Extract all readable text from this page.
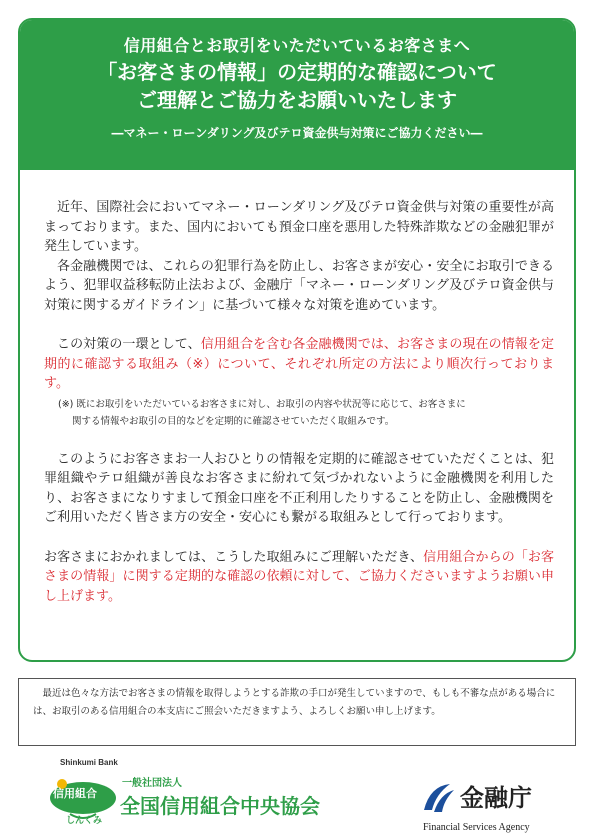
信用組合とお取引をいただいているお客さまへ
「お客さまの情報」の定期的な確認について
ご理解とご協力をお願いいたします
―マネー・ローンダリング及びテロ資金供与対策にご協力ください―

近年、国際社会においてマネー・ローンダリング及びテロ資金供与対策の重要性が高まっております。また、国内においても預金口座を悪用した特殊詐欺などの金融犯罪が発生しています。

各金融機関では、これらの犯罪行為を防止し、お客さまが安心・安全にお取引できるよう、犯罪収益移転防止法および、金融庁「マネー・ローンダリング及びテロ資金供与対策に関するガイドライン」に基づいて様々な対策を進めています。

この対策の一環として、信用組合を含む各金融機関では、お客さまの現在の情報を定期的に確認する取組み（※）について、それぞれ所定の方法により順次行っております。

(※) 既にお取引をいただいているお客さまに対し、お取引の内容や状況等に応じて、お客さまに
関する情報やお取引の目的などを定期的に確認させていただく取組みです。

このようにお客さまお一人おひとりの情報を定期的に確認させていただくことは、犯罪組織やテロ組織が善良なお客さまに紛れて気づかれないように金融機関を利用したり、お客さまになりすまして預金口座を不正利用したりすることを防止し、金融機関をご利用いただく皆さま方の安全・安心にも繋がる取組みとして行っております。

お客さまにおかれましては、こうした取組みにご理解いただき、信用組合からの「お客さまの情報」に関する定期的な確認の依頼に対して、ご協力くださいますようお願い申し上げます。

最近は色々な方法でお客さまの情報を取得しようとする詐欺の手口が発生していますので、もしも不審な点がある場合には、お取引のある信用組合の本支店にご照会いただきますよう、よろしくお願い申し上げます。

Shinkumi Bank
信用組合
しんくみ
一般社団法人
全国信用組合中央協会	金融庁
Financial Services Agency
